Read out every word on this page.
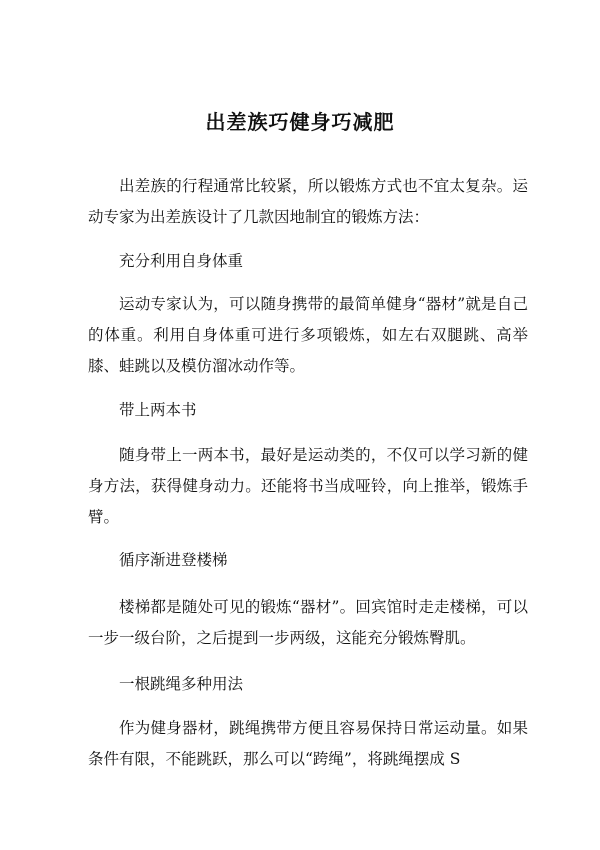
出差族巧健身巧减肥

出差族的行程通常比较紧，所以锻炼方式也不宜太复杂。运动专家为出差族设计了几款因地制宜的锻炼方法：

充分利用自身体重

运动专家认为，可以随身携带的最简单健身“器材”就是自己的体重。利用自身体重可进行多项锻炼，如左右双腿跳、高举膝、蛙跳以及模仿溜冰动作等。

带上两本书

随身带上一两本书，最好是运动类的，不仅可以学习新的健身方法，获得健身动力。还能将书当成哑铃，向上推举，锻炼手臂。

循序渐进登楼梯

楼梯都是随处可见的锻炼“器材”。回宾馆时走走楼梯，可以一步一级台阶，之后提到一步两级，这能充分锻炼臀肌。

一根跳绳多种用法

作为健身器材，跳绳携带方便且容易保持日常运动量。如果条件有限，不能跳跃，那么可以“跨绳”，将跳绳摆成 S
